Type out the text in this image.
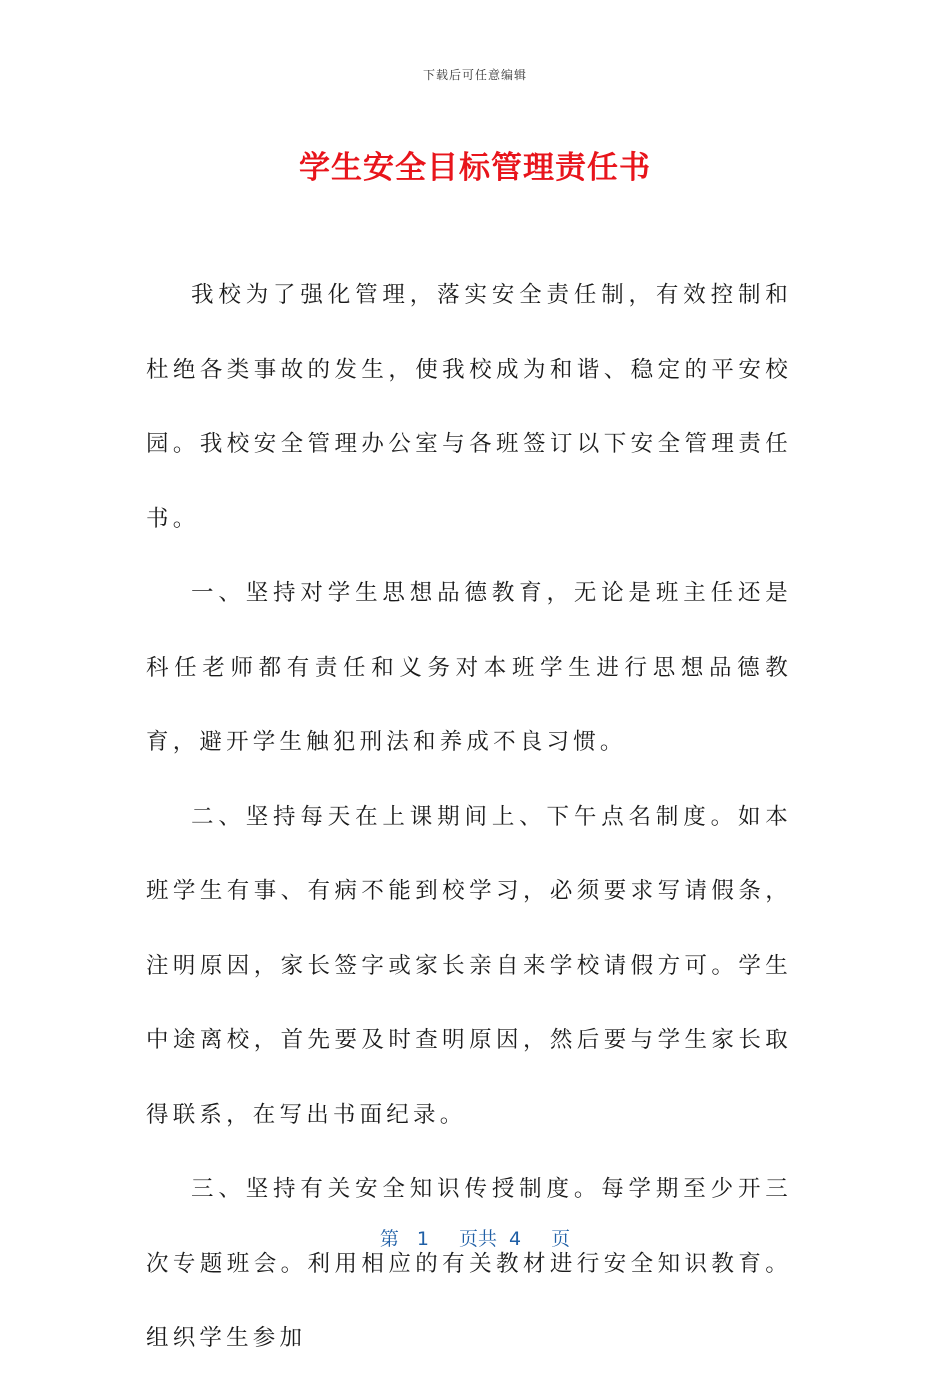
下载后可任意编辑
学生安全目标管理责任书

我校为了强化管理，落实安全责任制，有效控制和杜绝各类事故的发生，使我校成为和谐、稳定的平安校园。我校安全管理办公室与各班签订以下安全管理责任书。

一、坚持对学生思想品德教育，无论是班主任还是科任老师都有责任和义务对本班学生进行思想品德教育，避开学生触犯刑法和养成不良习惯。

二、坚持每天在上课期间上、下午点名制度。如本班学生有事、有病不能到校学习，必须要求写请假条，注明原因，家长签字或家长亲自来学校请假方可。学生中途离校，首先要及时查明原因，然后要与学生家长取得联系，在写出书面纪录。

三、坚持有关安全知识传授制度。每学期至少开三次专题班会。利用相应的有关教材进行安全知识教育。组织学生参加

第 1 页共 4 页
